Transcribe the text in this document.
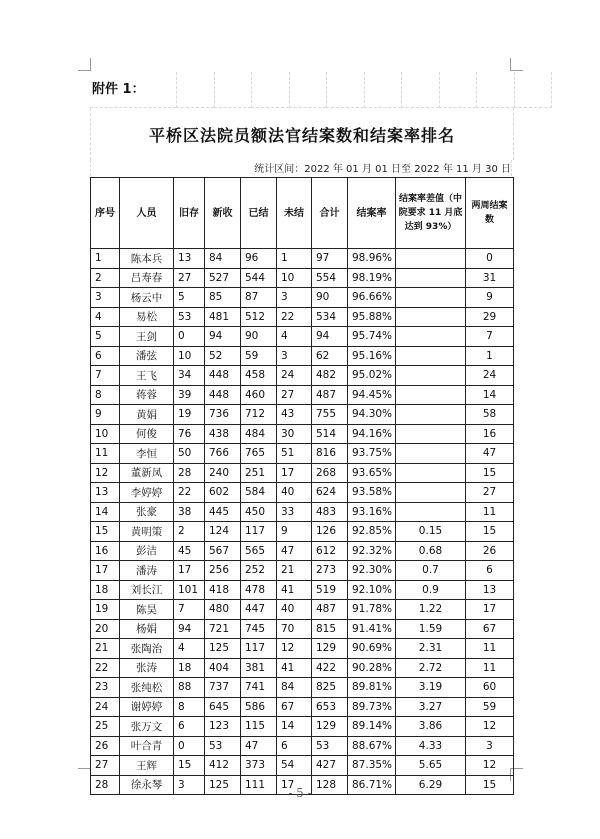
附件 1：
平桥区法院员额法官结案数和结案率排名
统计区间：2022 年 01 月 01 日至 2022 年 11 月 30 日
序号	人员	旧存	新收	已结	未结	合计	结案率	结案率差值（中院要求 11 月底达到 93%）	两周结案数
1	陈本兵	13	84	96	1	97	98.96%		0
2	吕寿春	27	527	544	10	554	98.19%		31
3	杨云中	5	85	87	3	90	96.66%		9
4	易松	53	481	512	22	534	95.88%		29
5	王剑	0	94	90	4	94	95.74%		7
6	潘弦	10	52	59	3	62	95.16%		1
7	王飞	34	448	458	24	482	95.02%		24
8	蒋蓉	39	448	460	27	487	94.45%		14
9	黄娟	19	736	712	43	755	94.30%		58
10	何俊	76	438	484	30	514	94.16%		16
11	李恒	50	766	765	51	816	93.75%		47
12	董新凤	28	240	251	17	268	93.65%		15
13	李婷婷	22	602	584	40	624	93.58%		27
14	张豪	38	445	450	33	483	93.16%		11
15	黄明策	2	124	117	9	126	92.85%	0.15	15
16	彭洁	45	567	565	47	612	92.32%	0.68	26
17	潘涛	17	256	252	21	273	92.30%	0.7	6
18	刘长江	101	418	478	41	519	92.10%	0.9	13
19	陈昊	7	480	447	40	487	91.78%	1.22	17
20	杨娟	94	721	745	70	815	91.41%	1.59	67
21	张陶治	4	125	117	12	129	90.69%	2.31	11
22	张涛	18	404	381	41	422	90.28%	2.72	11
23	张纯松	88	737	741	84	825	89.81%	3.19	60
24	谢婷婷	8	645	586	67	653	89.73%	3.27	59
25	张万文	6	123	115	14	129	89.14%	3.86	12
26	叶合青	0	53	47	6	53	88.67%	4.33	3
27	王辉	15	412	373	54	427	87.35%	5.65	12
28	徐永琴	3	125	111	17	128	86.71%	6.29	15
- 5 -
